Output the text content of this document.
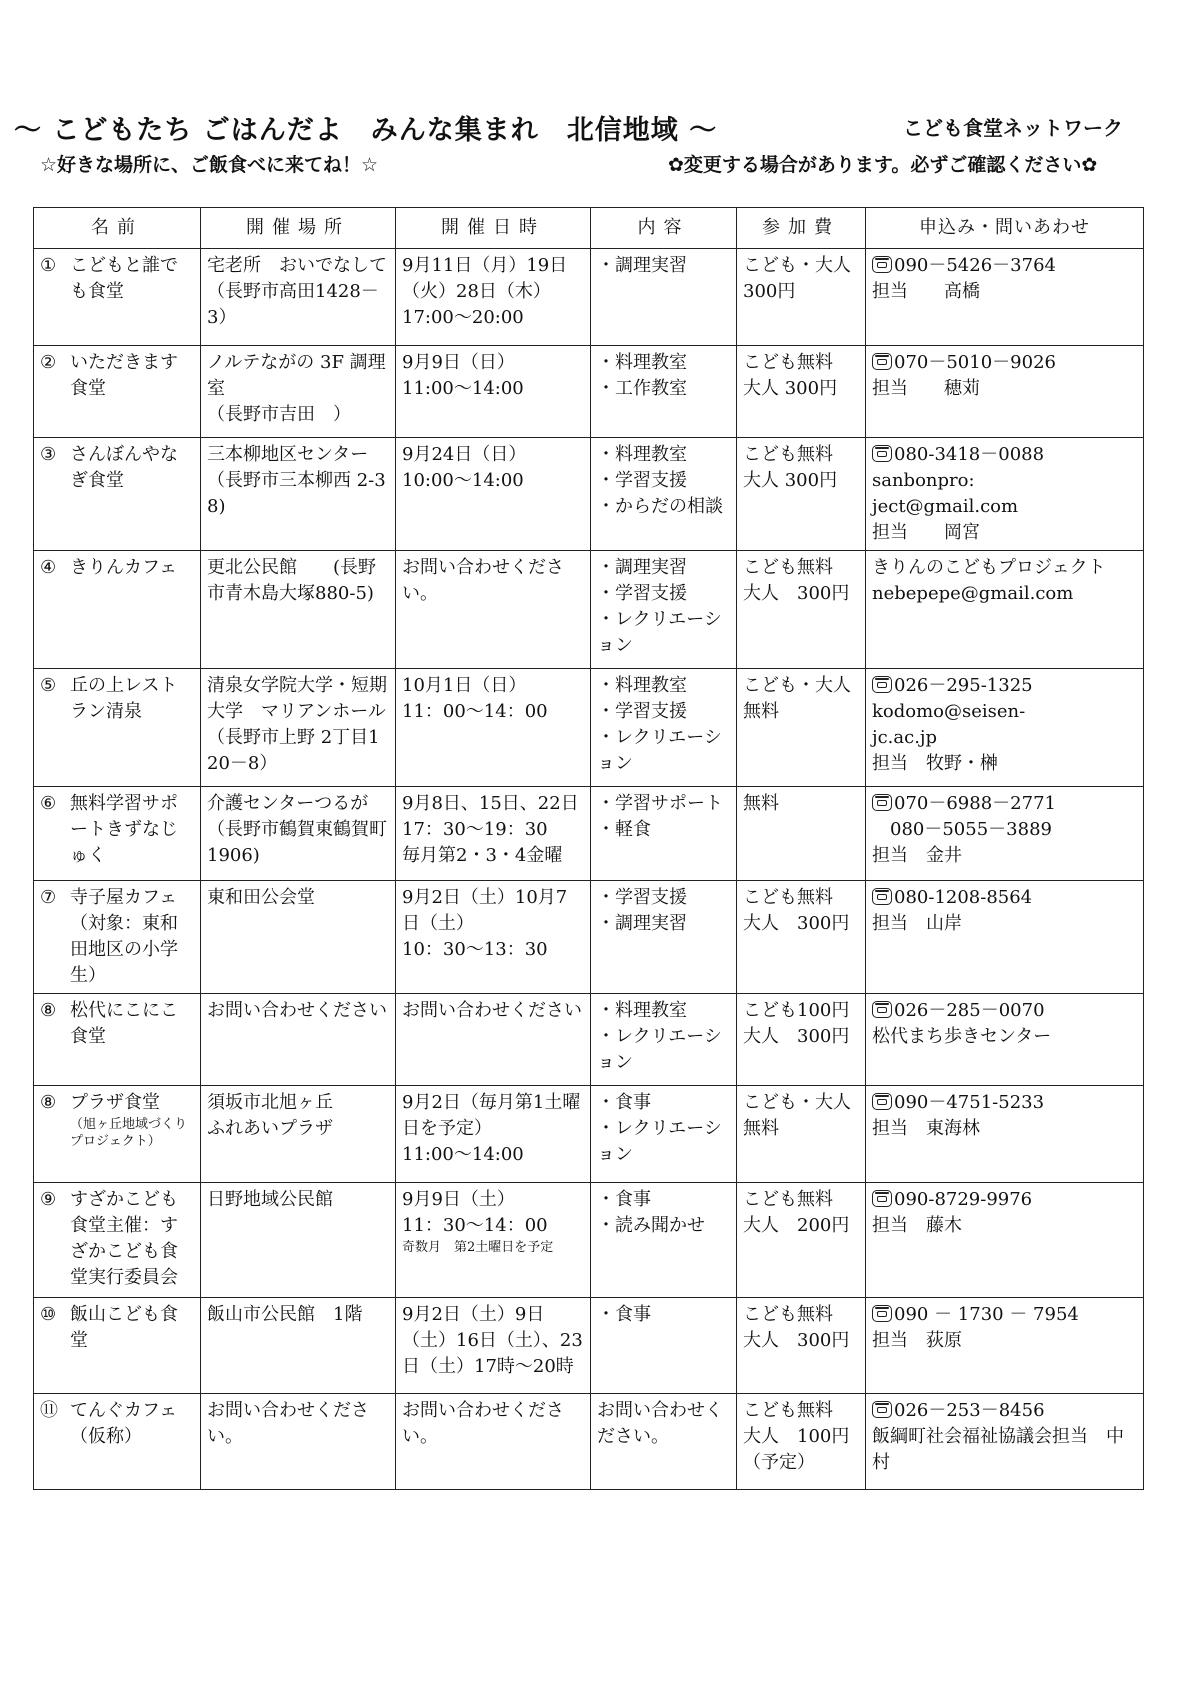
〜 こどもたち ごはんだよ　みんな集まれ　北信地域 〜	こども食堂ネットワーク
☆好きな場所に、ご飯食べに来てね！☆	✿変更する場合があります。必ずご確認ください✿
名前	開催場所	開催日時	内容	参加費	申込み・問いあわせ

① こどもと誰でも食堂	宅老所　おいでなして（長野市高田1428－3）	9月11日（月）19日（火）28日（木）
17:00～20:00	・調理実習	こども・大人　300円	090－5426－3764
担当　　高橋

② いただきます食堂	ノルテながの 3F 調理室
（長野市吉田　）	9月9日（日）
11:00～14:00	・料理教室
・工作教室	こども無料
大人 300円	070－5010－9026
担当　　穂苅

③ さんぼんやなぎ食堂	三本柳地区センター（長野市三本柳西 2-38)	9月24日（日）
10:00～14:00	・料理教室
・学習支援
・からだの相談	こども無料
大人 300円	080-3418－0088
sanbonpro:
ject@gmail.com
担当　　岡宮

④ きりんカフェ	更北公民館　　(長野市青木島大塚880-5)	お問い合わせください。	・調理実習
・学習支援
・レクリエーション	こども無料
大人　300円	きりんのこどもプロジェクト
nebepepe@gmail.com

⑤ 丘の上レストラン清泉	清泉女学院大学・短期大学　マリアンホール（長野市上野 2丁目120－8）	10月1日（日）
11：00～14：00	・料理教室
・学習支援
・レクリエーション	こども・大人　無料	026－295-1325
kodomo@seisen-
jc.ac.jp
担当　牧野・榊

⑥ 無料学習サポートきずなじゅく	介護センターつるが（長野市鶴賀東鶴賀町1906)	9月8日、15日、22日
17：30～19：30
毎月第2・3・4金曜	・学習サポート
・軽食	無料	070－6988－2771
　080－5055－3889
担当　金井

⑦ 寺子屋カフェ（対象：東和田地区の小学生）	東和田公会堂	9月2日（土）10月7日（土）
10：30～13：30	・学習支援
・調理実習	こども無料
大人　300円	080-1208-8564
担当　山岸

⑧ 松代にこにこ食堂	お問い合わせください	お問い合わせください	・料理教室
・レクリエーション	こども100円
大人　300円	026－285－0070
松代まち歩きセンター

⑧ プラザ食堂
（旭ヶ丘地域づくりプロジェクト）	須坂市北旭ヶ丘
ふれあいプラザ	9月2日（毎月第1土曜日を予定）
11:00～14:00	・食事
・レクリエーション	こども・大人　無料	090－4751-5233
担当　東海林

⑨ すざかこども食堂主催：すざかこども食堂実行委員会	日野地域公民館	9月9日（土）
11：30～14：00
奇数月　第2土曜日を予定	・食事
・読み聞かせ	こども無料
大人　200円	090-8729-9976
担当　藤木

⑩ 飯山こども食堂	飯山市公民館　1階	9月2日（土）9日（土）16日（土）、23日（土）17時～20時	・食事	こども無料
大人　300円	090 － 1730 － 7954
担当　荻原

⑪ てんぐカフェ（仮称）	お問い合わせください。	お問い合わせください。	お問い合わせください。	こども無料
大人　100円
（予定）	026－253－8456
飯綱町社会福祉協議会担当　中村
